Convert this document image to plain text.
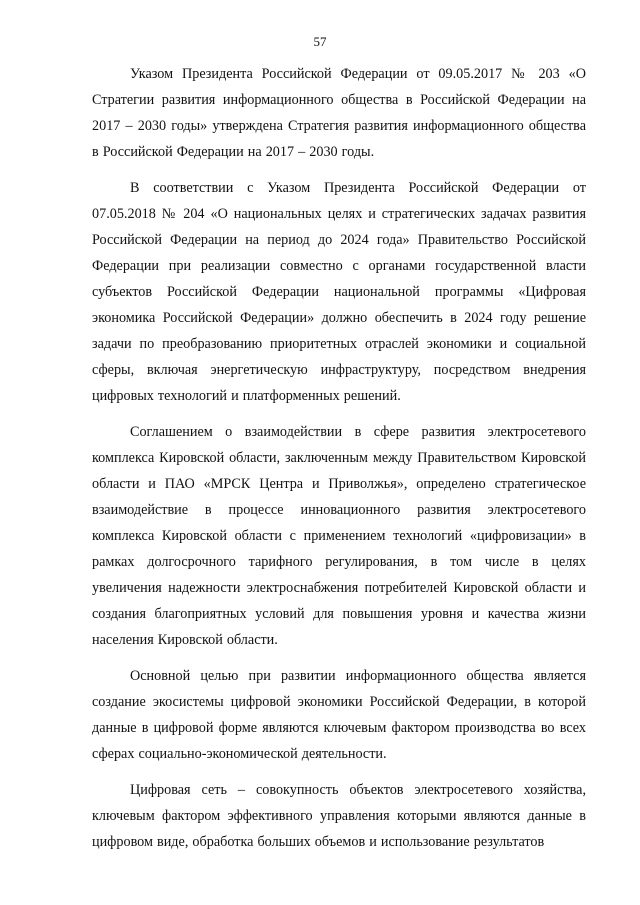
57

Указом Президента Российской Федерации от 09.05.2017 № 203 «О Стратегии развития информационного общества в Российской Федерации на 2017 – 2030 годы» утверждена Стратегия развития информационного общества в Российской Федерации на 2017 – 2030 годы.

В соответствии с Указом Президента Российской Федерации от 07.05.2018 № 204 «О национальных целях и стратегических задачах развития Российской Федерации на период до 2024 года» Правительство Российской Федерации при реализации совместно с органами государственной власти субъектов Российской Федерации национальной программы «Цифровая экономика Российской Федерации» должно обеспечить в 2024 году решение задачи по преобразованию приоритетных отраслей экономики и социальной сферы, включая энергетическую инфраструктуру, посредством внедрения цифровых технологий и платформенных решений.

Соглашением о взаимодействии в сфере развития электросетевого комплекса Кировской области, заключенным между Правительством Кировской области и ПАО «МРСК Центра и Приволжья», определено стратегическое взаимодействие в процессе инновационного развития электросетевого комплекса Кировской области с применением технологий «цифровизации» в рамках долгосрочного тарифного регулирования, в том числе в целях увеличения надежности электроснабжения потребителей Кировской области и создания благоприятных условий для повышения уровня и качества жизни населения Кировской области.

Основной целью при развитии информационного общества является создание экосистемы цифровой экономики Российской Федерации, в которой данные в цифровой форме являются ключевым фактором производства во всех сферах социально-экономической деятельности.

Цифровая сеть – совокупность объектов электросетевого хозяйства, ключевым фактором эффективного управления которыми являются данные в цифровом виде, обработка больших объемов и использование результатов
